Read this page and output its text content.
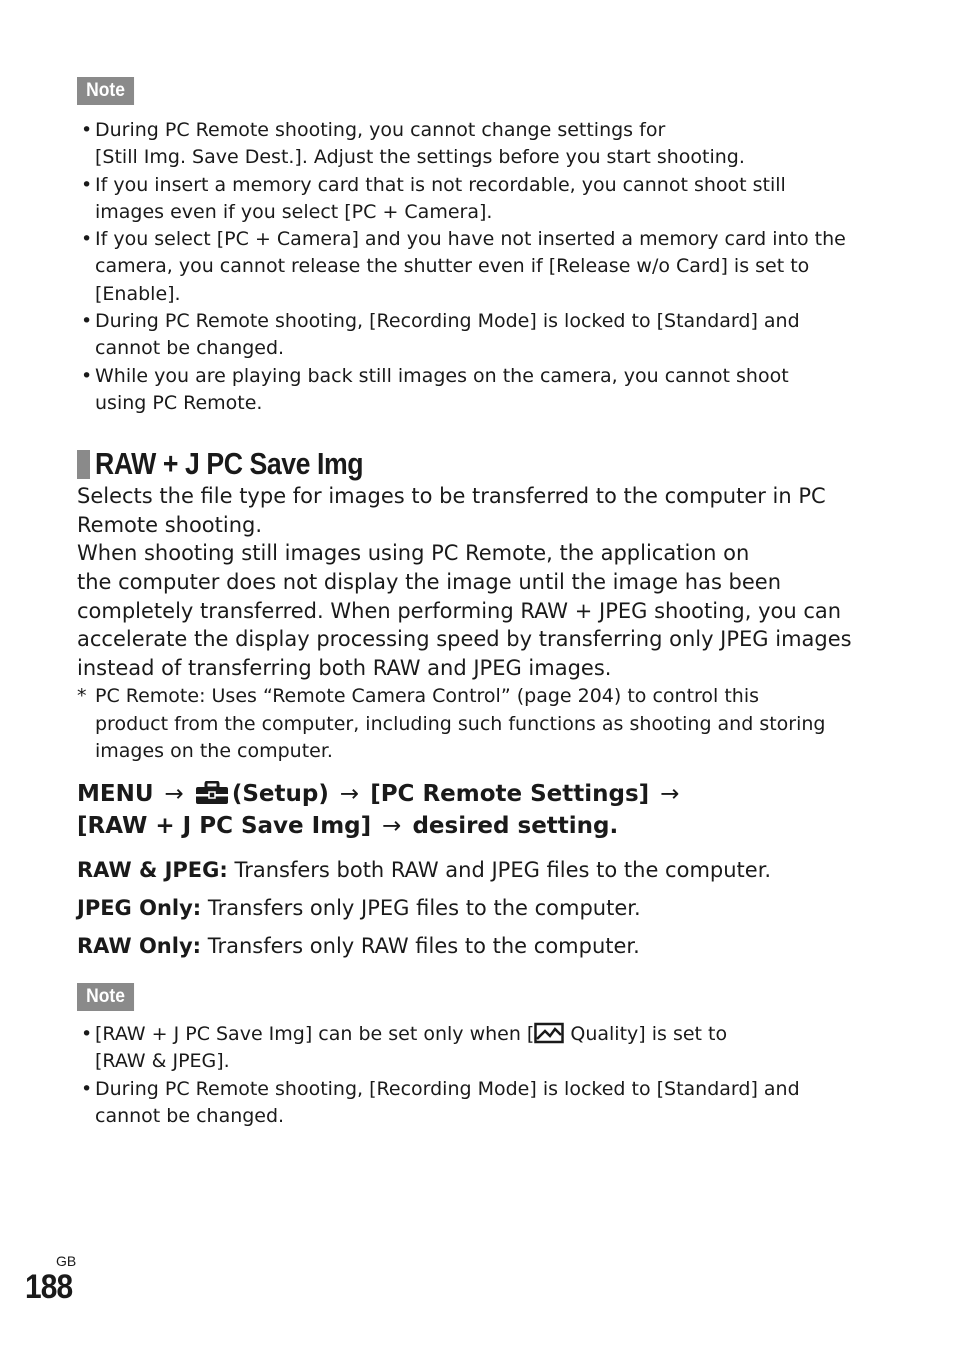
Note
• During PC Remote shooting, you cannot change settings for
[Still Img. Save Dest.]. Adjust the settings before you start shooting.
• If you insert a memory card that is not recordable, you cannot shoot still
images even if you select [PC + Camera].
• If you select [PC + Camera] and you have not inserted a memory card into the
camera, you cannot release the shutter even if [Release w/o Card] is set to
[Enable].
• During PC Remote shooting, [Recording Mode] is locked to [Standard] and
cannot be changed.
• While you are playing back still images on the camera, you cannot shoot
using PC Remote.
RAW + J PC Save Img

Selects the file type for images to be transferred to the computer in PC
Remote shooting.

When shooting still images using PC Remote, the application on
the computer does not display the image until the image has been
completely transferred. When performing RAW + JPEG shooting, you can
accelerate the display processing speed by transferring only JPEG images
instead of transferring both RAW and JPEG images.

* PC Remote: Uses “Remote Camera Control” (page 204) to control this
product from the computer, including such functions as shooting and storing
images on the computer.
MENU → (Setup) → [PC Remote Settings] →
[RAW + J PC Save Img] → desired setting.
RAW & JPEG: Transfers both RAW and JPEG files to the computer.
JPEG Only: Transfers only JPEG files to the computer.
RAW Only: Transfers only RAW files to the computer.
Note
• [RAW + J PC Save Img] can be set only when [ Quality] is set to
[RAW & JPEG].
• During PC Remote shooting, [Recording Mode] is locked to [Standard] and
cannot be changed.
GB
188
